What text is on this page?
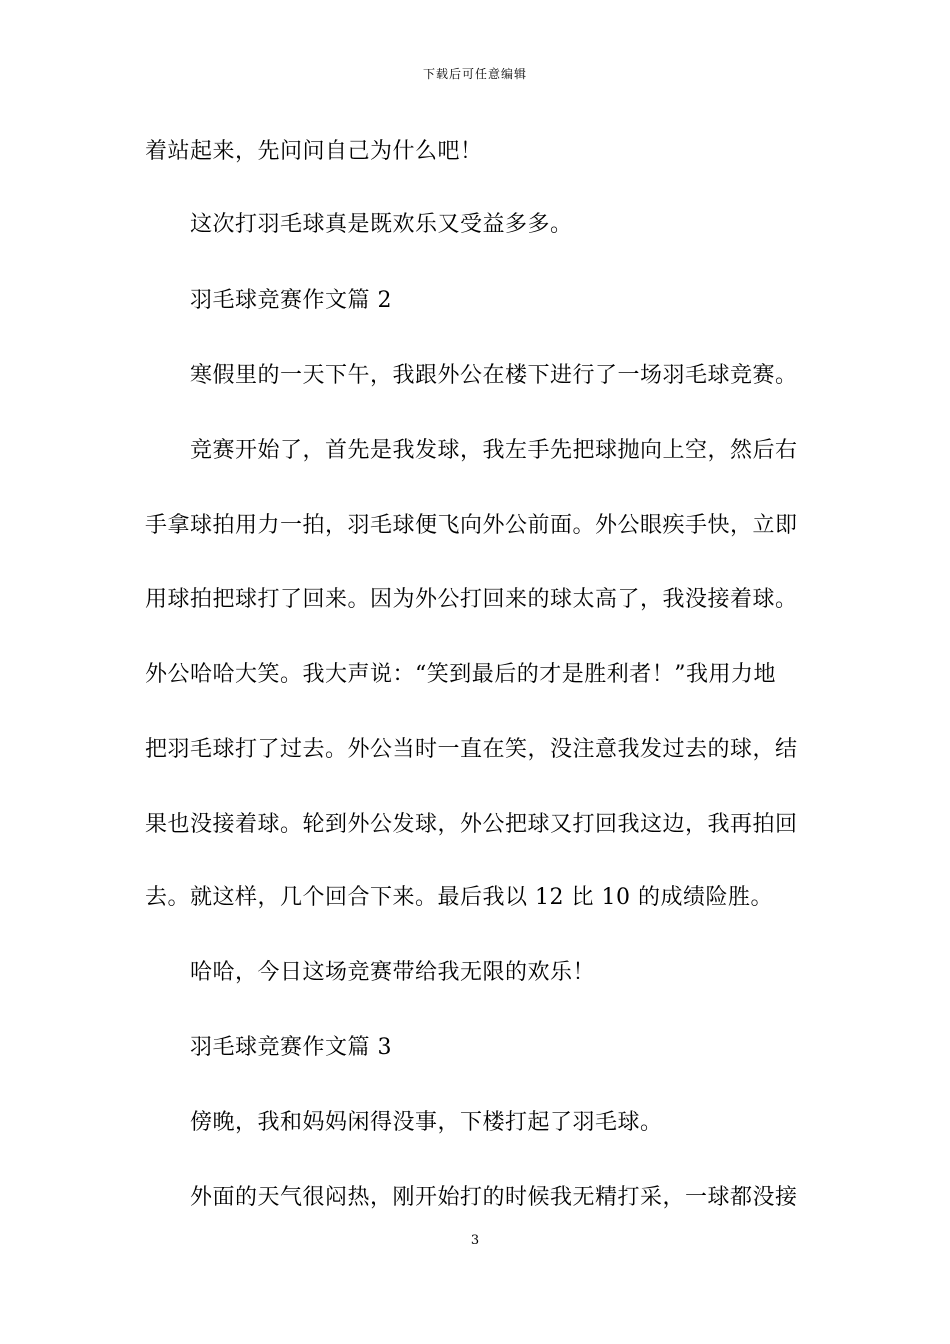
下载后可任意编辑
着站起来，先问问自己为什么吧！
这次打羽毛球真是既欢乐又受益多多。
羽毛球竞赛作文篇 2
寒假里的一天下午，我跟外公在楼下进行了一场羽毛球竞赛。
竞赛开始了，首先是我发球，我左手先把球抛向上空，然后右
手拿球拍用力一拍，羽毛球便飞向外公前面。外公眼疾手快，立即
用球拍把球打了回来。因为外公打回来的球太高了，我没接着球。
外公哈哈大笑。我大声说：“笑到最后的才是胜利者！”我用力地
把羽毛球打了过去。外公当时一直在笑，没注意我发过去的球，结
果也没接着球。轮到外公发球，外公把球又打回我这边，我再拍回
去。就这样，几个回合下来。最后我以 12 比 10 的成绩险胜。
哈哈，今日这场竞赛带给我无限的欢乐！
羽毛球竞赛作文篇 3
傍晚，我和妈妈闲得没事，下楼打起了羽毛球。
外面的天气很闷热，刚开始打的时候我无精打采，一球都没接
3
